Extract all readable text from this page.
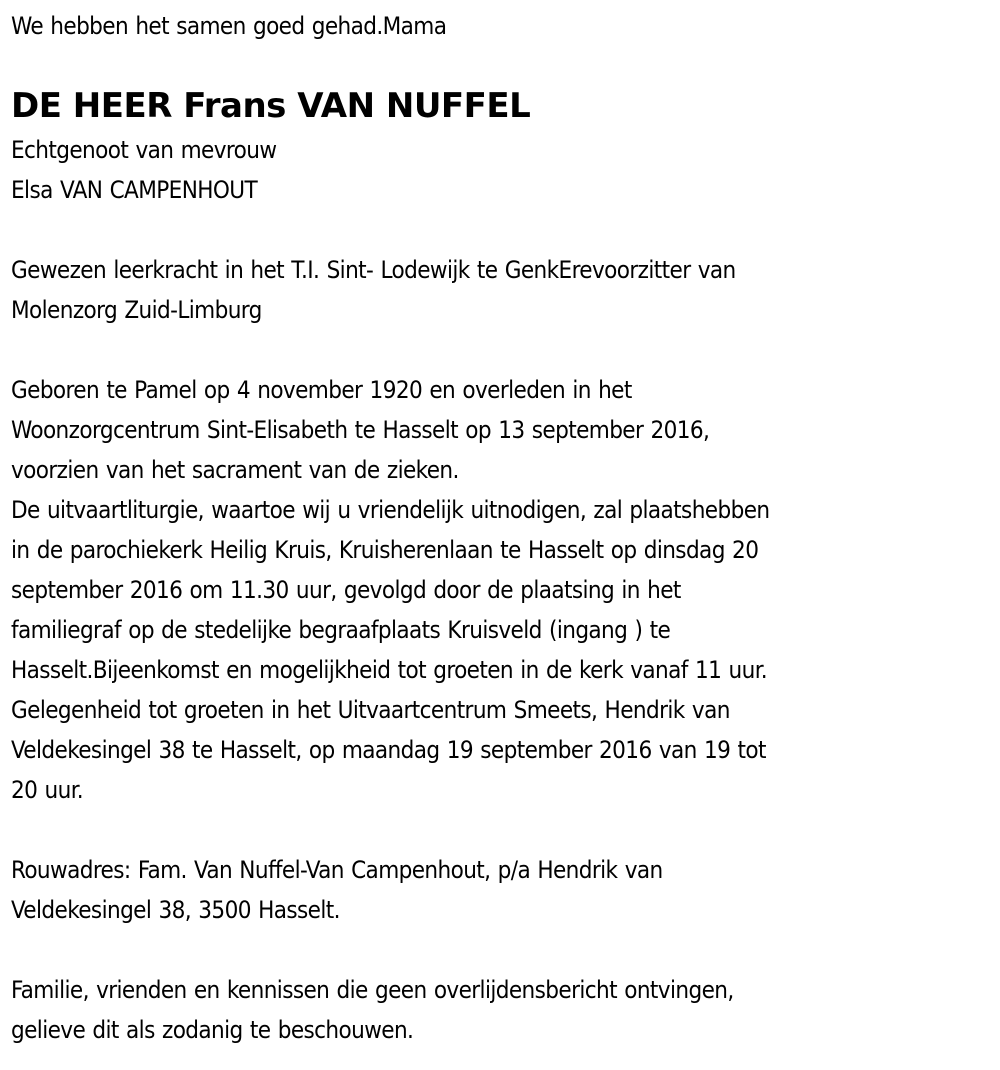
We hebben het samen goed gehad.Mama
DE HEER Frans VAN NUFFEL
Echtgenoot van mevrouw
Elsa VAN CAMPENHOUT
Gewezen leerkracht in het T.I. Sint- Lodewijk te GenkErevoorzitter van
Molenzorg Zuid-Limburg
Geboren te Pamel op 4 november 1920 en overleden in het
Woonzorgcentrum Sint-Elisabeth te Hasselt op 13 september 2016,
voorzien van het sacrament van de zieken.
De uitvaartliturgie, waartoe wij u vriendelijk uitnodigen, zal plaatshebben
in de parochiekerk Heilig Kruis, Kruisherenlaan te Hasselt op dinsdag 20
september 2016 om 11.30 uur, gevolgd door de plaatsing in het
familiegraf op de stedelijke begraafplaats Kruisveld (ingang ) te
Hasselt.Bijeenkomst en mogelijkheid tot groeten in de kerk vanaf 11 uur.
Gelegenheid tot groeten in het Uitvaartcentrum Smeets, Hendrik van
Veldekesingel 38 te Hasselt, op maandag 19 september 2016 van 19 tot
20 uur.
Rouwadres: Fam. Van Nuffel-Van Campenhout, p/a Hendrik van
Veldekesingel 38, 3500 Hasselt.
Familie, vrienden en kennissen die geen overlijdensbericht ontvingen,
gelieve dit als zodanig te beschouwen.
